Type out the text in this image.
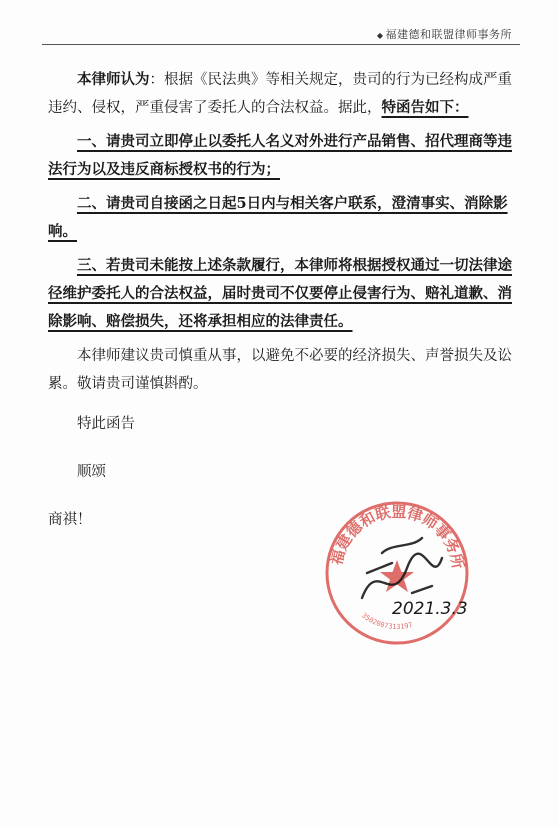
◆ 福建德和联盟律师事务所

本律师认为：根据《民法典》等相关规定，贵司的行为已经构成严重违约、侵权，严重侵害了委托人的合法权益。据此，特函告如下：

一、请贵司立即停止以委托人名义对外进行产品销售、招代理商等违法行为以及违反商标授权书的行为；

二、请贵司自接函之日起5日内与相关客户联系，澄清事实、消除影响。

三、若贵司未能按上述条款履行，本律师将根据授权通过一切法律途径维护委托人的合法权益，届时贵司不仅要停止侵害行为、赔礼道歉、消除影响、赔偿损失，还将承担相应的法律责任。

本律师建议贵司慎重从事，以避免不必要的经济损失、声誉损失及讼累。敬请贵司谨慎斟酌。

特此函告

顺颂

商祺！

福建德和联盟律师事务所
3502007313197
2021.3.3
